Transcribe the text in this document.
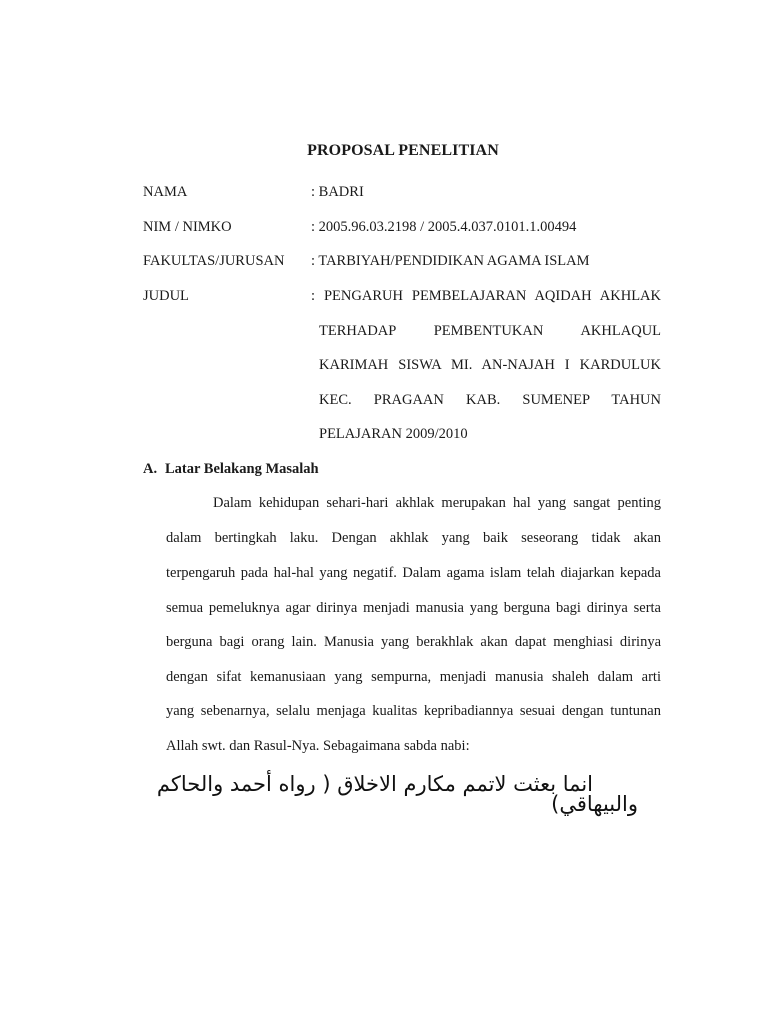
PROPOSAL PENELITIAN
NAMA	: BADRI
NIM / NIMKO	: 2005.96.03.2198 / 2005.4.037.0101.1.00494
FAKULTAS/JURUSAN : TARBIYAH/PENDIDIKAN AGAMA ISLAM
JUDUL	: PENGARUH PEMBELAJARAN AQIDAH AKHLAK
TERHADAP PEMBENTUKAN AKHLAQUL
KARIMAH SISWA MI. AN-NAJAH I KARDULUK
KEC. PRAGAAN KAB. SUMENEP TAHUN
PELAJARAN 2009/2010
A. Latar Belakang Masalah
Dalam kehidupan sehari-hari akhlak merupakan hal yang sangat penting
dalam bertingkah laku. Dengan akhlak yang baik seseorang tidak akan
terpengaruh pada hal-hal yang negatif. Dalam agama islam telah diajarkan kepada
semua pemeluknya agar dirinya menjadi manusia yang berguna bagi dirinya serta
berguna bagi orang lain. Manusia yang berakhlak akan dapat menghiasi dirinya
dengan sifat kemanusiaan yang sempurna, menjadi manusia shaleh dalam arti
yang sebenarnya, selalu menjaga kualitas kepribadiannya sesuai dengan tuntunan
Allah swt. dan Rasul-Nya. Sebagaimana sabda nabi:
انما بعثت لاتمم مكارم الاخلاق ( رواه أحمد والحاكم
والبيهاقي)
